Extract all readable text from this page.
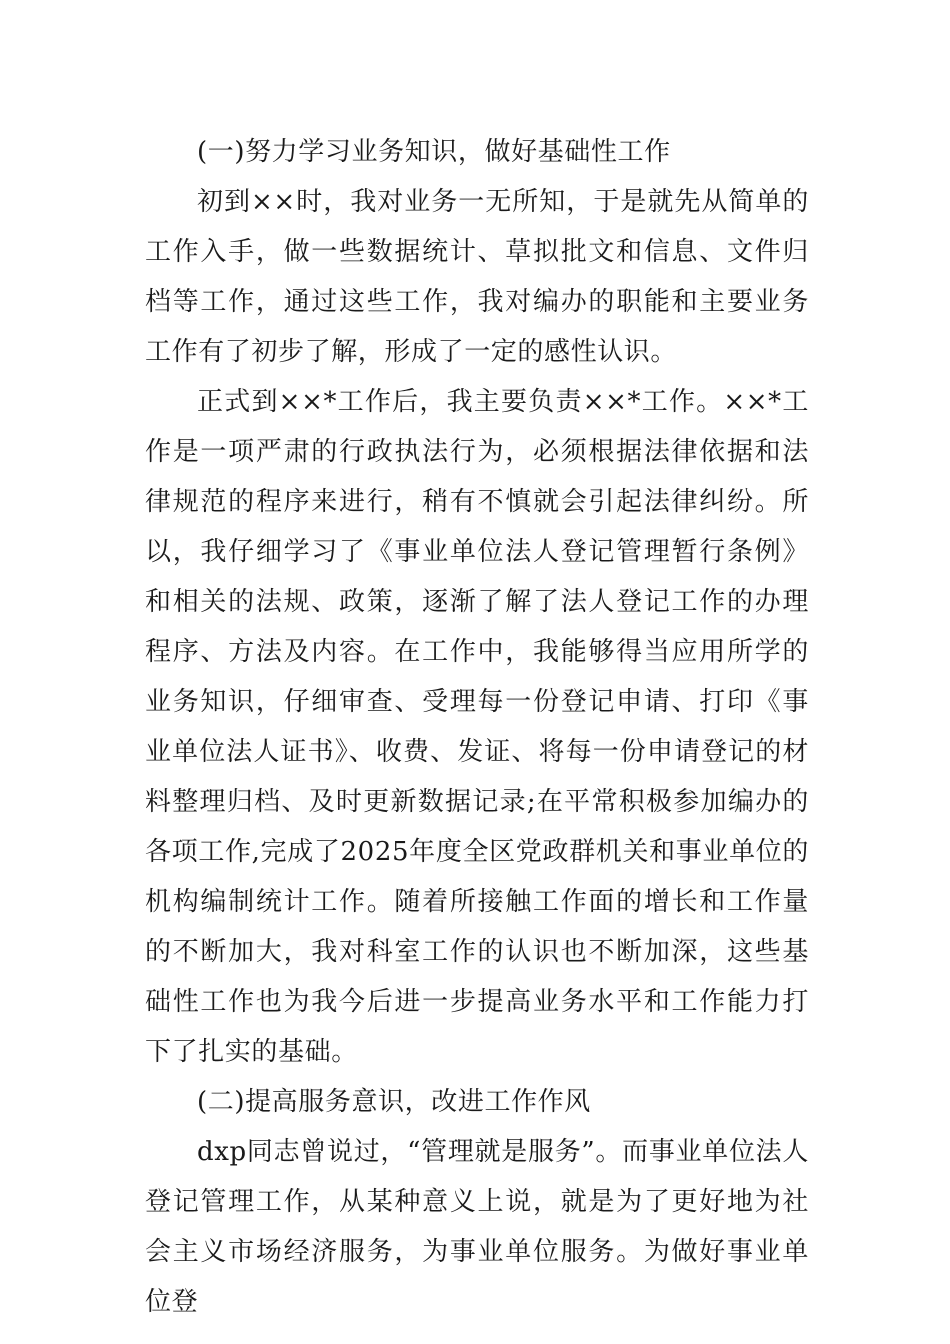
(一)努力学习业务知识，做好基础性工作

初到××时，我对业务一无所知，于是就先从简单的工作入手，做一些数据统计、草拟批文和信息、文件归档等工作，通过这些工作，我对编办的职能和主要业务工作有了初步了解，形成了一定的感性认识。

正式到××*工作后，我主要负责××*工作。××*工作是一项严肃的行政执法行为，必须根据法律依据和法律规范的程序来进行，稍有不慎就会引起法律纠纷。所以，我仔细学习了《事业单位法人登记管理暂行条例》和相关的法规、政策，逐渐了解了法人登记工作的办理程序、方法及内容。在工作中，我能够得当应用所学的业务知识，仔细审查、受理每一份登记申请、打印《事业单位法人证书》、收费、发证、将每一份申请登记的材料整理归档、及时更新数据记录;在平常积极参加编办的各项工作,完成了2025年度全区党政群机关和事业单位的机构编制统计工作。随着所接触工作面的增长和工作量的不断加大，我对科室工作的认识也不断加深，这些基础性工作也为我今后进一步提高业务水平和工作能力打下了扎实的基础。

(二)提高服务意识，改进工作作风

dxp同志曾说过，“管理就是服务”。而事业单位法人登记管理工作，从某种意义上说，就是为了更好地为社会主义市场经济服务，为事业单位服务。为做好事业单位登
